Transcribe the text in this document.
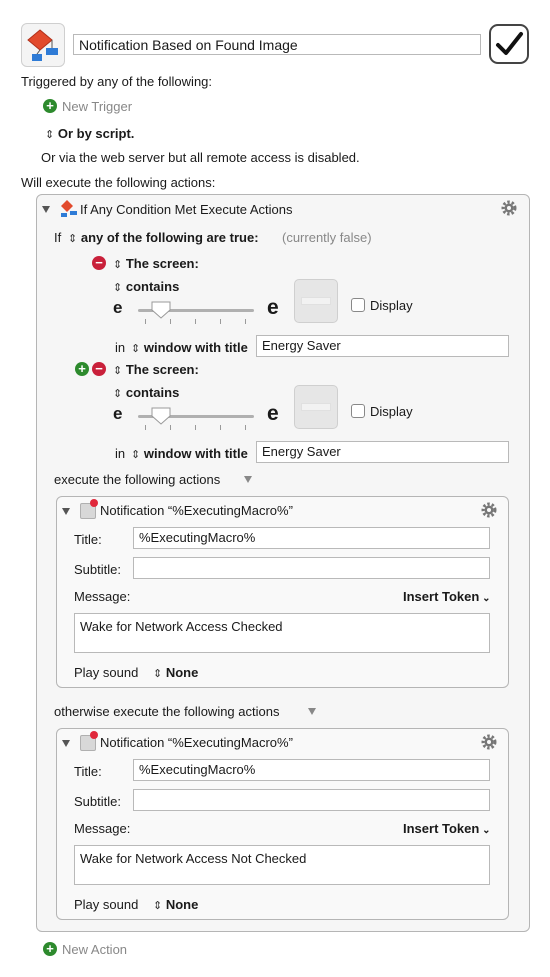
Notification Based on Found Image
Triggered by any of the following:
+ New Trigger
⇕ Or by script.
Or via the web server but all remote access is disabled.
Will execute the following actions:
If Any Condition Met Execute Actions
If ⇕ any of the following are true: (currently false)
− ⇕ The screen:
⇕ contains
e	e	Display
in ⇕ window with title	Energy Saver
+ − ⇕ The screen:
⇕ contains
e	e	Display
in ⇕ window with title	Energy Saver
execute the following actions
Notification “%ExecutingMacro%”
Title:	%ExecutingMacro%
Subtitle:
Message:	Insert Token ⌄
Wake for Network Access Checked
Play sound ⇕ None
otherwise execute the following actions
Notification “%ExecutingMacro%”
Title:	%ExecutingMacro%
Subtitle:
Message:	Insert Token ⌄
Wake for Network Access Not Checked
Play sound ⇕ None
+ New Action
